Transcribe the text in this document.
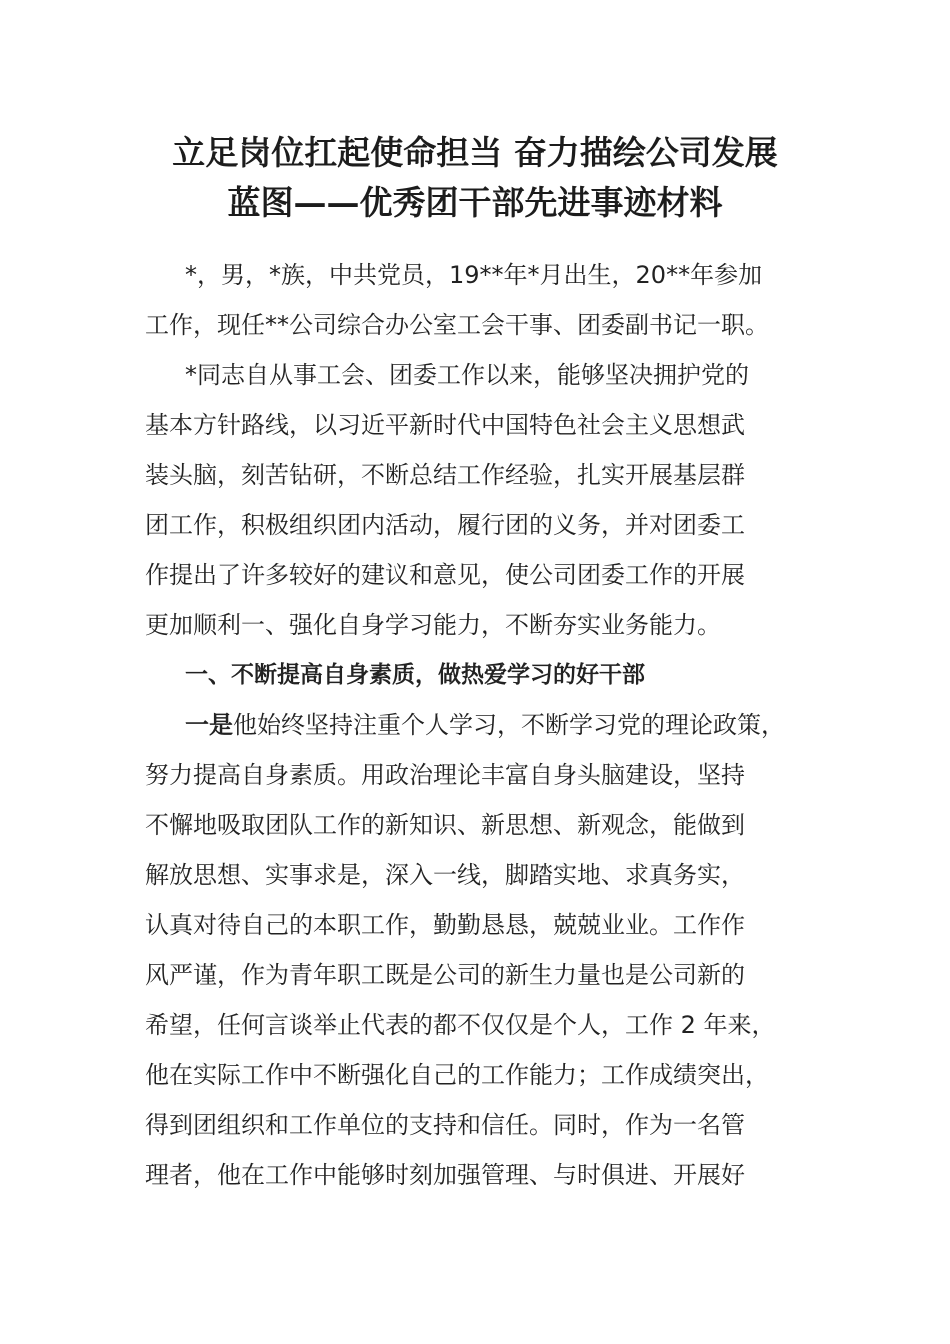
立足岗位扛起使命担当 奋力描绘公司发展
蓝图——优秀团干部先进事迹材料
*，男，*族，中共党员，19**年*月出生，20**年参加
工作，现任**公司综合办公室工会干事、团委副书记一职。
*同志自从事工会、团委工作以来，能够坚决拥护党的
基本方针路线，以习近平新时代中国特色社会主义思想武
装头脑，刻苦钻研，不断总结工作经验，扎实开展基层群
团工作，积极组织团内活动，履行团的义务，并对团委工
作提出了许多较好的建议和意见，使公司团委工作的开展
更加顺利一、强化自身学习能力，不断夯实业务能力。
一、不断提高自身素质，做热爱学习的好干部
一是他始终坚持注重个人学习，不断学习党的理论政策，
努力提高自身素质。用政治理论丰富自身头脑建设，坚持
不懈地吸取团队工作的新知识、新思想、新观念，能做到
解放思想、实事求是，深入一线，脚踏实地、求真务实，
认真对待自己的本职工作，勤勤恳恳，兢兢业业。工作作
风严谨，作为青年职工既是公司的新生力量也是公司新的
希望，任何言谈举止代表的都不仅仅是个人，工作 2 年来，
他在实际工作中不断强化自己的工作能力；工作成绩突出，
得到团组织和工作单位的支持和信任。同时，作为一名管
理者，他在工作中能够时刻加强管理、与时俱进、开展好
